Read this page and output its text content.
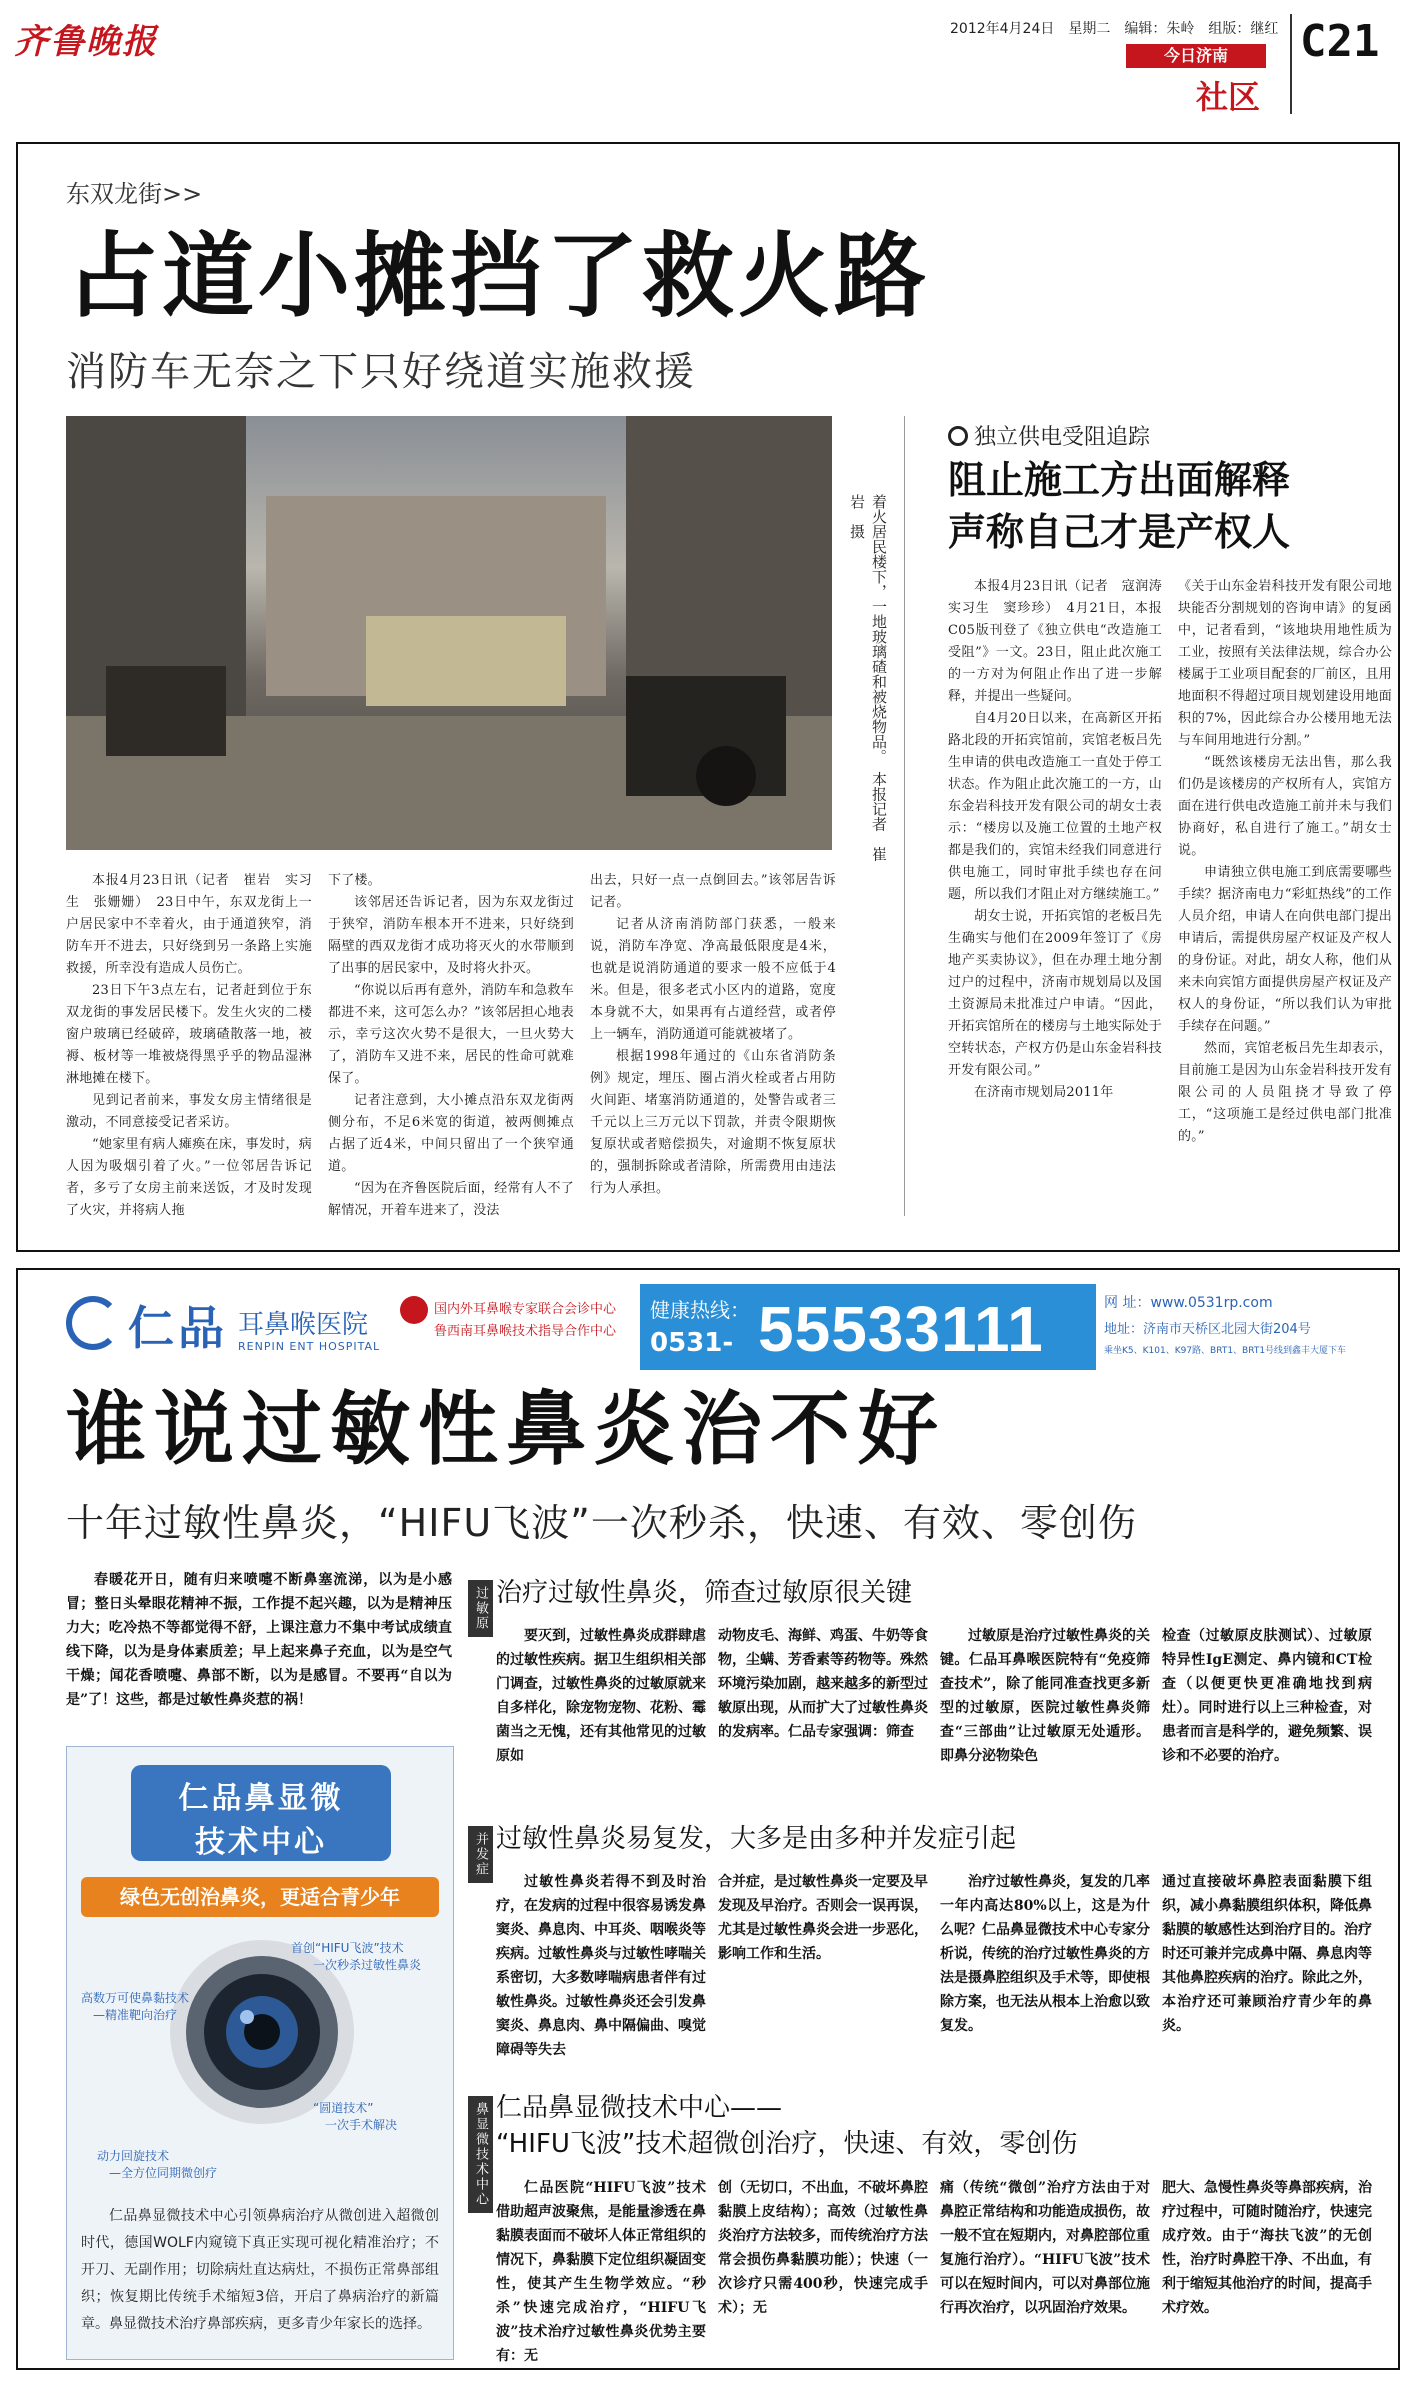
齐鲁晚报	2012年4月24日　星期二　编辑：朱岭　组版：继红
今日济南
社区
C21
东双龙街>>
占道小摊挡了救火路
消防车无奈之下只好绕道实施救援
着火居民楼下，一地玻璃碴和被烧物品。　本报记者　崔岩　摄

本报4月23日讯（记者　崔岩　实习生　张姗姗）　23日中午，东双龙街上一户居民家中不幸着火，由于通道狭窄，消防车开不进去，只好绕到另一条路上实施救援，所幸没有造成人员伤亡。

23日下午3点左右，记者赶到位于东双龙街的事发居民楼下。发生火灾的二楼窗户玻璃已经破碎，玻璃碴散落一地，被褥、板材等一堆被烧得黑乎乎的物品湿淋淋地摊在楼下。

见到记者前来，事发女房主情绪很是激动，不同意接受记者采访。

“她家里有病人瘫痪在床，事发时，病人因为吸烟引着了火。”一位邻居告诉记者，多亏了女房主前来送饭，才及时发现了火灾，并将病人拖

下了楼。

该邻居还告诉记者，因为东双龙街过于狭窄，消防车根本开不进来，只好绕到隔壁的西双龙街才成功将灭火的水带顺到了出事的居民家中，及时将火扑灭。

“你说以后再有意外，消防车和急救车都进不来，这可怎么办？”该邻居担心地表示，幸亏这次火势不是很大，一旦火势大了，消防车又进不来，居民的性命可就难保了。

记者注意到，大小摊点沿东双龙街两侧分布，不足6米宽的街道，被两侧摊点占据了近4米，中间只留出了一个狭窄通道。

“因为在齐鲁医院后面，经常有人不了解情况，开着车进来了，没法

出去，只好一点一点倒回去。”该邻居告诉记者。

记者从济南消防部门获悉，一般来说，消防车净宽、净高最低限度是4米，也就是说消防通道的要求一般不应低于4米。但是，很多老式小区内的道路，宽度本身就不大，如果再有占道经营，或者停上一辆车，消防通道可能就被堵了。

根据1998年通过的《山东省消防条例》规定，埋压、圈占消火栓或者占用防火间距、堵塞消防通道的，处警告或者三千元以上三万元以下罚款，并责令限期恢复原状或者赔偿损失，对逾期不恢复原状的，强制拆除或者清除，所需费用由违法行为人承担。

独立供电受阻追踪
阻止施工方出面解释
声称自己才是产权人

本报4月23日讯（记者　寇润涛　实习生　窦珍珍）　4月21日，本报C05版刊登了《独立供电“改造施工受阻”》一文。23日，阻止此次施工的一方对为何阻止作出了进一步解释，并提出一些疑问。

自4月20日以来，在高新区开拓路北段的开拓宾馆前，宾馆老板吕先生申请的供电改造施工一直处于停工状态。作为阻止此次施工的一方，山东金岩科技开发有限公司的胡女士表示：“楼房以及施工位置的土地产权都是我们的，宾馆未经我们同意进行供电施工，同时审批手续也存在问题，所以我们才阻止对方继续施工。”

胡女士说，开拓宾馆的老板吕先生确实与他们在2009年签订了《房地产买卖协议》，但在办理土地分割过户的过程中，济南市规划局以及国土资源局未批准过户申请。“因此，开拓宾馆所在的楼房与土地实际处于空转状态，产权方仍是山东金岩科技开发有限公司。”

在济南市规划局2011年

《关于山东金岩科技开发有限公司地块能否分割规划的咨询申请》的复函中，记者看到，“该地块用地性质为工业，按照有关法律法规，综合办公楼属于工业项目配套的厂前区，且用地面积不得超过项目规划建设用地面积的7%，因此综合办公楼用地无法与车间用地进行分割。”

“既然该楼房无法出售，那么我们仍是该楼房的产权所有人，宾馆方面在进行供电改造施工前并未与我们协商好，私自进行了施工。”胡女士说。

申请独立供电施工到底需要哪些手续？据济南电力“彩虹热线”的工作人员介绍，申请人在向供电部门提出申请后，需提供房屋产权证及产权人的身份证。对此，胡女人称，他们从来未向宾馆方面提供房屋产权证及产权人的身份证，“所以我们认为审批手续存在问题。”

然而，宾馆老板吕先生却表示，目前施工是因为山东金岩科技开发有限公司的人员阻挠才导致了停工，“这项施工是经过供电部门批准的。”

仁品 耳鼻喉医院
RENPIN ENT HOSPITAL
国内外耳鼻喉专家联合会诊中心
鲁西南耳鼻喉技术指导合作中心
健康热线：
0531- 55533111	网 址：www.0531rp.com
地址：济南市天桥区北园大街204号
乘坐K5、K101、K97路、BRT1、BRT1号线到鑫丰大厦下车
谁说过敏性鼻炎治不好
十年过敏性鼻炎，“HIFU飞波”一次秒杀，快速、有效、零创伤

春暖花开日，随有归来喷嚏不断鼻塞流涕，以为是小感冒；整日头晕眼花精神不振，工作提不起兴趣，以为是精神压力大；吃冷热不等都觉得不舒，上课注意力不集中考试成绩直线下降，以为是身体素质差；早上起来鼻子充血，以为是空气干燥；闻花香喷嚏、鼻部不断，以为是感冒。不要再“自以为是”了！这些，都是过敏性鼻炎惹的祸！

仁品鼻显微
技术中心
绿色无创治鼻炎，更适合青少年
首创“HIFU飞波”技术
一次秒杀过敏性鼻炎
高数万可使鼻黏技术
—精准靶向治疗
“圆道技术”
一次手术解决
动力回旋技术
—全方位同期微创疗
仁品鼻显微技术中心引领鼻病治疗从微创进入超微创时代，德国WOLF内窥镜下真正实现可视化精准治疗；不开刀、无副作用；切除病灶直达病灶，不损伤正常鼻部组织；恢复期比传统手术缩短3倍，开启了鼻病治疗的新篇章。鼻显微技术治疗鼻部疾病，更多青少年家长的选择。
过敏原 治疗过敏性鼻炎，筛查过敏原很关键

要灭到，过敏性鼻炎成群肆虐的过敏性疾病。据卫生组织相关部门调查，过敏性鼻炎的过敏原就来自多样化，除宠物宠物、花粉、霉菌当之无愧，还有其他常见的过敏原如

动物皮毛、海鲜、鸡蛋、牛奶等食物，尘螨、芳香素等药物等。殊然环境污染加剧，越来越多的新型过敏原出现，从而扩大了过敏性鼻炎的发病率。仁品专家强调：筛查

过敏原是治疗过敏性鼻炎的关键。仁品耳鼻喉医院特有“免疫筛查技术”，除了能同准查找更多新型的过敏原，医院过敏性鼻炎筛查“三部曲”让过敏原无处遁形。即鼻分泌物染色

检查（过敏原皮肤测试）、过敏原特异性IgE测定、鼻内镜和CT检查（以便更快更准确地找到病灶）。同时进行以上三种检查，对患者而言是科学的，避免频繁、误诊和不必要的治疗。

并发症 过敏性鼻炎易复发，大多是由多种并发症引起

过敏性鼻炎若得不到及时治疗，在发病的过程中很容易诱发鼻窦炎、鼻息肉、中耳炎、咽喉炎等疾病。过敏性鼻炎与过敏性哮喘关系密切，大多数哮喘病患者伴有过敏性鼻炎。过敏性鼻炎还会引发鼻窦炎、鼻息肉、鼻中隔偏曲、嗅觉障碍等失去

合并症，是过敏性鼻炎一定要及早发现及早治疗。否则会一误再误，尤其是过敏性鼻炎会进一步恶化，影响工作和生活。

治疗过敏性鼻炎，复发的几率一年内高达80%以上，这是为什么呢？仁品鼻显微技术中心专家分析说，传统的治疗过敏性鼻炎的方法是摄鼻腔组织及手术等，即使根除方案，也无法从根本上治愈以致复发。

通过直接破坏鼻腔表面黏膜下组织，减小鼻黏膜组织体积，降低鼻黏膜的敏感性达到治疗目的。治疗时还可兼并完成鼻中隔、鼻息肉等其他鼻腔疾病的治疗。除此之外，本治疗还可兼顾治疗青少年的鼻炎。

鼻显微技术中心 仁品鼻显微技术中心——
“HIFU飞波”技术超微创治疗，快速、有效，零创伤

仁品医院“HIFU飞波”技术借助超声波聚焦，是能量渗透在鼻黏膜表面而不破坏人体正常组织的情况下，鼻黏膜下定位组织凝固变性，使其产生生物学效应。“秒杀”快速完成治疗，“HIFU飞波”技术治疗过敏性鼻炎优势主要有：无

创（无切口，不出血，不破坏鼻腔黏膜上皮结构）；高效（过敏性鼻炎治疗方法较多，而传统治疗方法常会损伤鼻黏膜功能）；快速（一次诊疗只需400秒，快速完成手术）；无

痛（传统“微创”治疗方法由于对鼻腔正常结构和功能造成损伤，故一般不宜在短期内，对鼻腔部位重复施行治疗）。“HIFU飞波”技术可以在短时间内，可以对鼻部位施行再次治疗，以巩固治疗效果。

肥大、急慢性鼻炎等鼻部疾病，治疗过程中，可随时随治疗，快速完成疗效。由于“海扶飞波”的无创性，治疗时鼻腔干净、不出血，有利于缩短其他治疗的时间，提高手术疗效。
